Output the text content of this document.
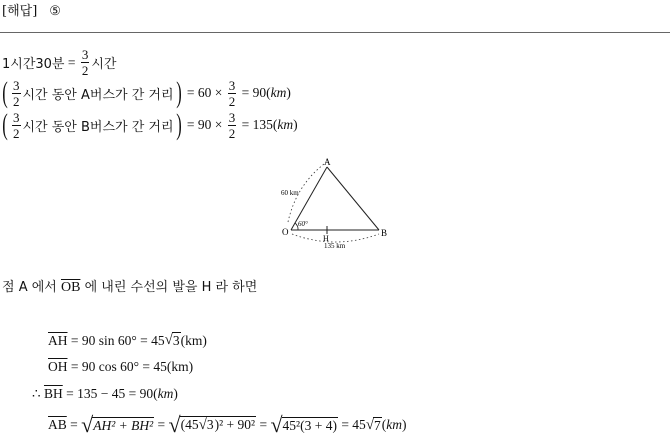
[해답] ⑤
1시간30분
=
$\frac{3}{2}$ 시간
( $\frac{3}{2}$ 시간 동안 A버스가 간 거리 )
= 60 ×
$\frac{3}{2}$
= 90( km )
( $\frac{3}{2}$ 시간 동안 B버스가 간 거리 )
= 90 ×
$\frac{3}{2}$
= 135( km )
A
B
O
H
60 km
135 km
60°
점 A 에서 $\overline{OB}$ 에 내린 수선의 발을 H 라 하면
$\overline{AH}$
= 90 sin 60° = 45 √ 3 (km)
$\overline{OH}$
= 90 cos 60° = 45(km)
∴
$\overline{BH}$
= 135 − 45 = 90( km )
$\overline{AB}$
=
√ AH² + BH²
=
√ (45√3)² + 90²
=
√ 45²(3 + 4)
= 45 √ 7 ( km )
